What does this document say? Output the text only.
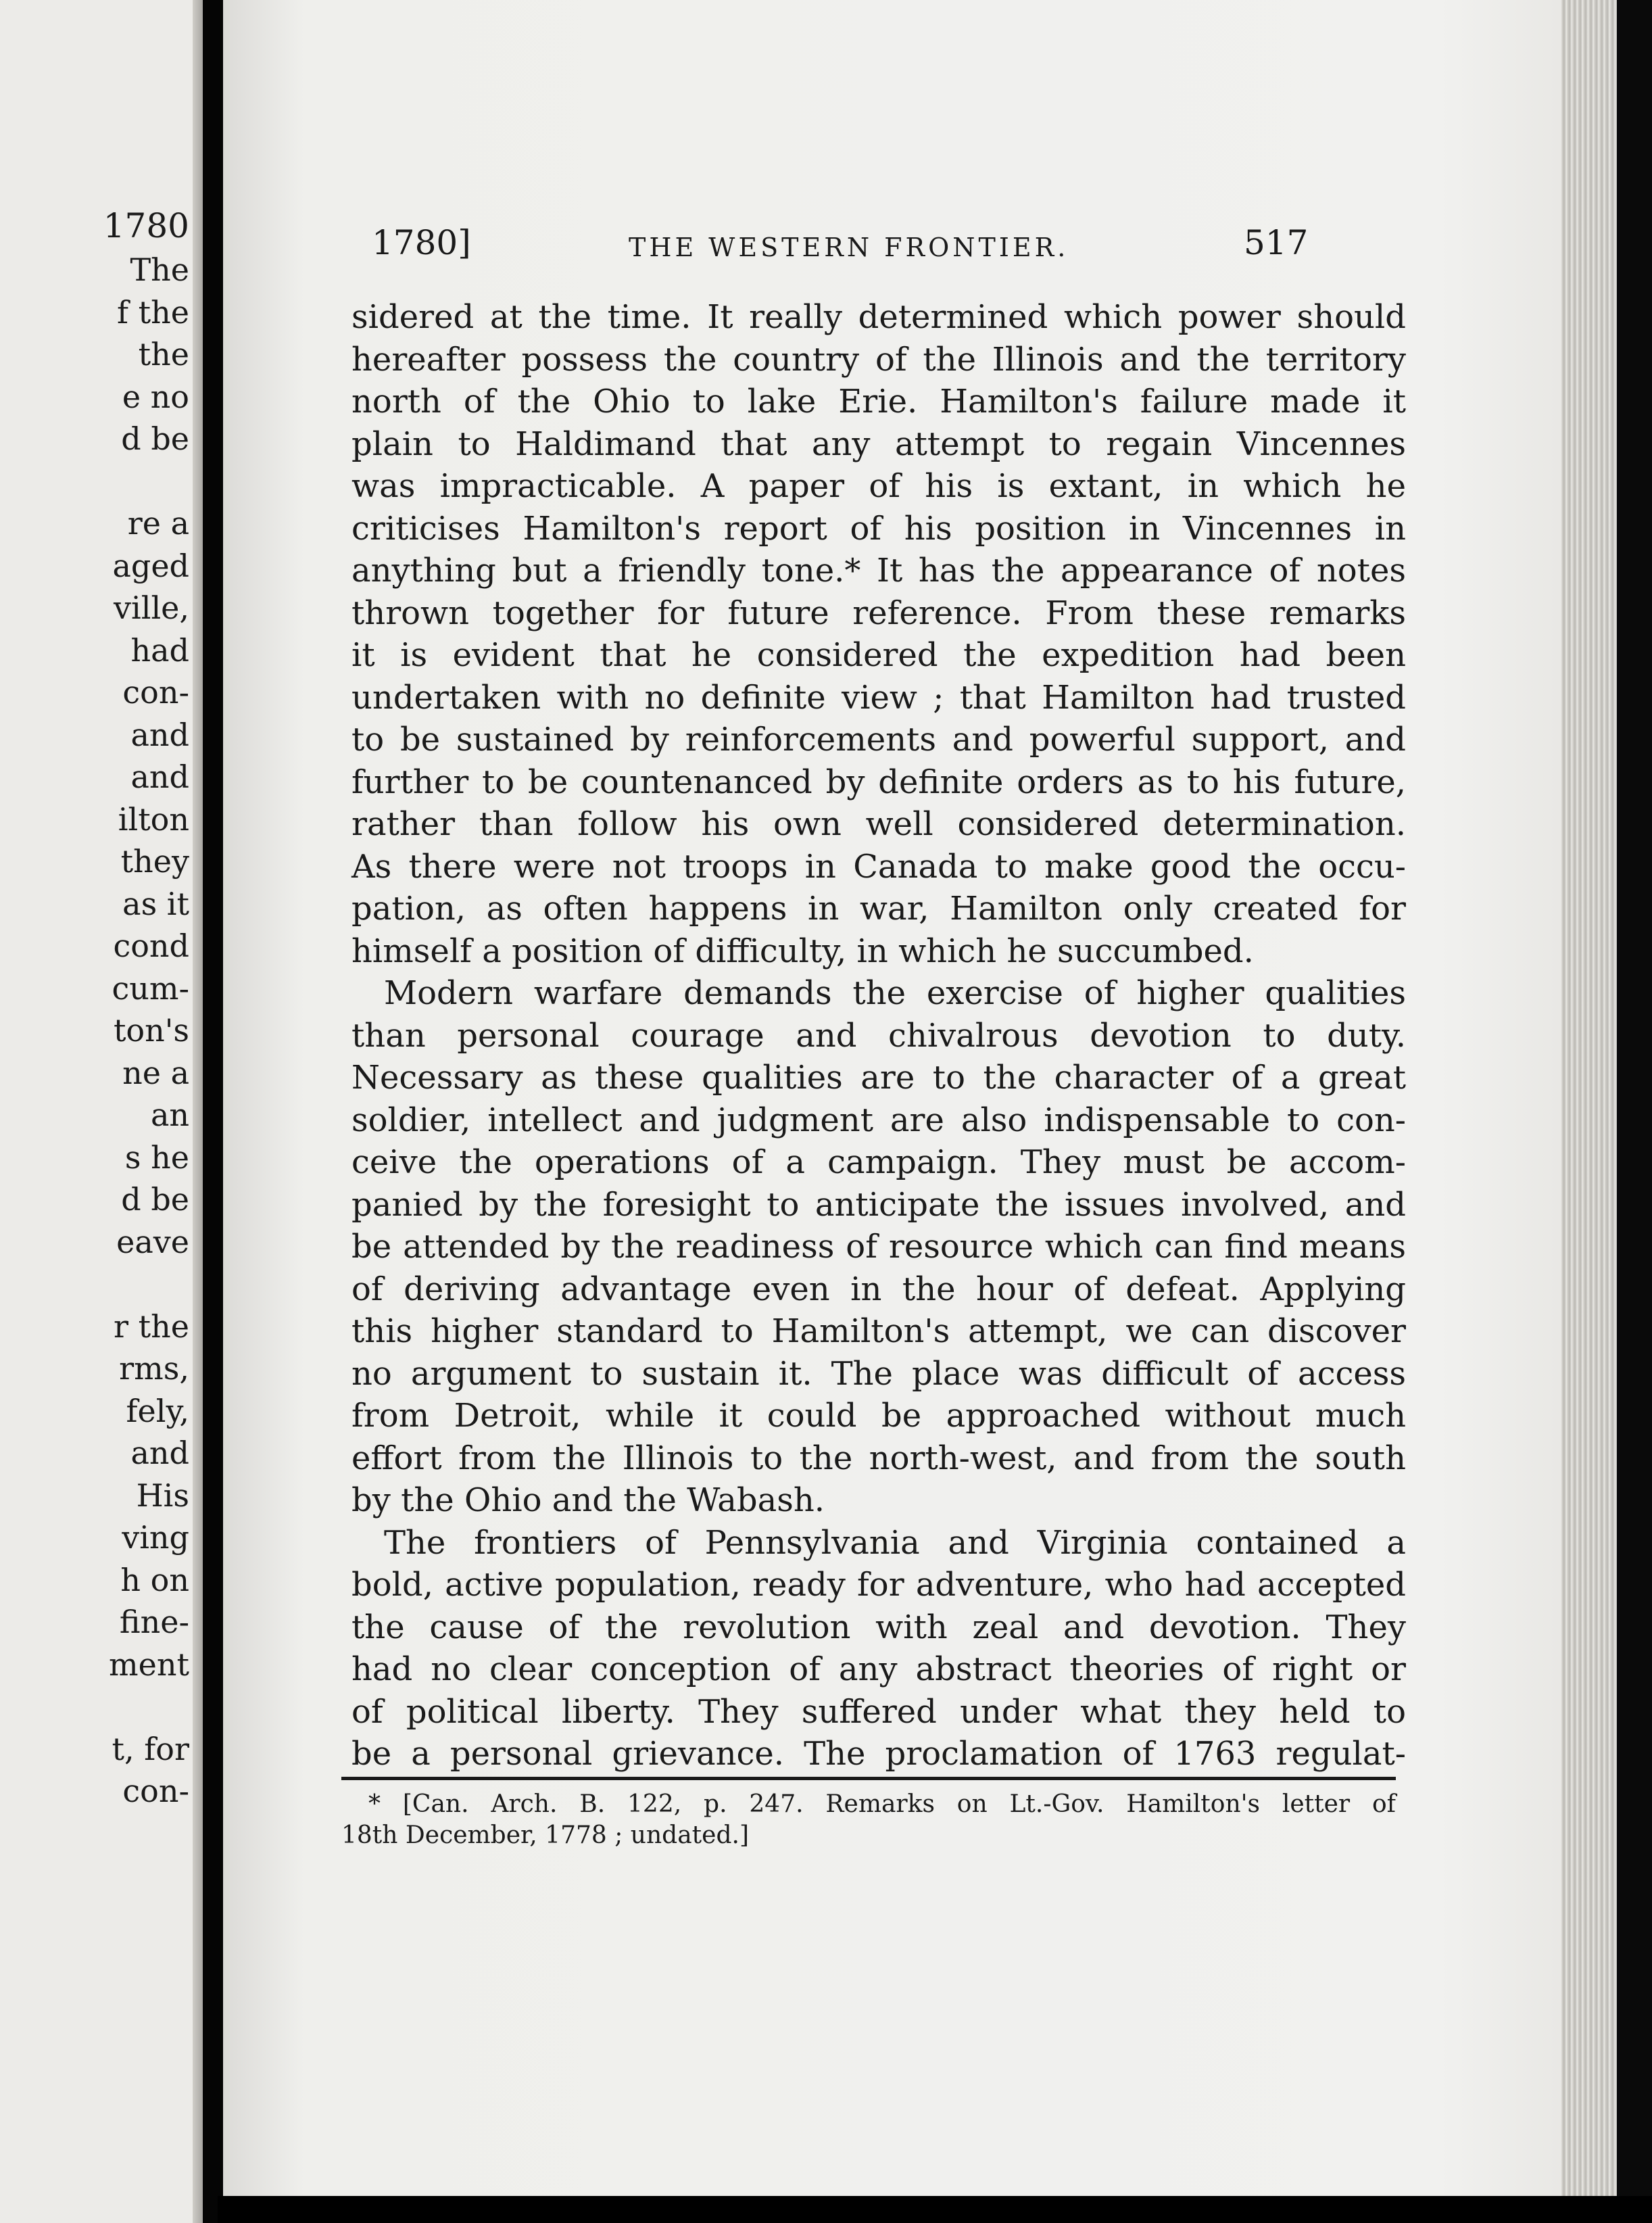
1780
The
f the
the
e no
d be
re a
aged
ville,
had
con-
and
and
ilton
they
as it
cond
cum-
ton's
ne a
an
s he
d be
eave
r the
rms,
fely,
and
His
ving
h on
fine-
ment
t, for
con-
1780]	THE WESTERN FRONTIER.	517
sidered at the time. It really determined which power should
hereafter possess the country of the Illinois and the territory
north of the Ohio to lake Erie. Hamilton's failure made it
plain to Haldimand that any attempt to regain Vincennes
was impracticable. A paper of his is extant, in which he
criticises Hamilton's report of his position in Vincennes in
anything but a friendly tone.* It has the appearance of notes
thrown together for future reference. From these remarks
it is evident that he considered the expedition had been
undertaken with no definite view ; that Hamilton had trusted
to be sustained by reinforcements and powerful support, and
further to be countenanced by definite orders as to his future,
rather than follow his own well considered determination.
As there were not troops in Canada to make good the occu-
pation, as often happens in war, Hamilton only created for
himself a position of difficulty, in which he succumbed.
Modern warfare demands the exercise of higher qualities
than personal courage and chivalrous devotion to duty.
Necessary as these qualities are to the character of a great
soldier, intellect and judgment are also indispensable to con-
ceive the operations of a campaign. They must be accom-
panied by the foresight to anticipate the issues involved, and
be attended by the readiness of resource which can find means
of deriving advantage even in the hour of defeat. Applying
this higher standard to Hamilton's attempt, we can discover
no argument to sustain it. The place was difficult of access
from Detroit, while it could be approached without much
effort from the Illinois to the north-west, and from the south
by the Ohio and the Wabash.
The frontiers of Pennsylvania and Virginia contained a
bold, active population, ready for adventure, who had accepted
the cause of the revolution with zeal and devotion. They
had no clear conception of any abstract theories of right or
of political liberty. They suffered under what they held to
be a personal grievance. The proclamation of 1763 regulat-
* [Can. Arch. B. 122, p. 247. Remarks on Lt.-Gov. Hamilton's letter of
18th December, 1778 ; undated.]
